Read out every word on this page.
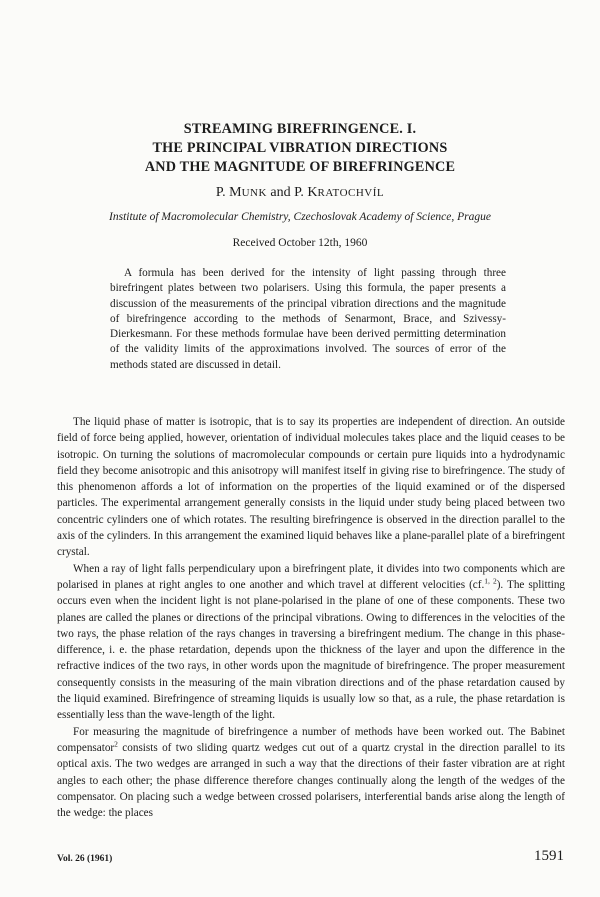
STREAMING BIREFRINGENCE. I.
THE PRINCIPAL VIBRATION DIRECTIONS
AND THE MAGNITUDE OF BIREFRINGENCE
P. MUNK and P. KRATOCHVÍL
Institute of Macromolecular Chemistry, Czechoslovak Academy of Science, Prague
Received October 12th, 1960

A formula has been derived for the intensity of light passing through three birefringent plates between two polarisers. Using this formula, the paper presents a discussion of the measurements of the principal vibration directions and the magnitude of birefringence according to the methods of Senarmont, Brace, and Szivessy-Dierkesmann. For these methods formulae have been derived permitting determination of the validity limits of the approximations involved. The sources of error of the methods stated are discussed in detail.

The liquid phase of matter is isotropic, that is to say its properties are independent of direction. An outside field of force being applied, however, orientation of individual molecules takes place and the liquid ceases to be isotropic. On turning the solutions of macromolecular compounds or certain pure liquids into a hydrodynamic field they become anisotropic and this anisotropy will manifest itself in giving rise to birefringence. The study of this phenomenon affords a lot of information on the properties of the liquid examined or of the dispersed particles. The experimental arrangement generally consists in the liquid under study being placed between two concentric cylinders one of which rotates. The resulting birefringence is observed in the direction parallel to the axis of the cylinders. In this arrangement the examined liquid behaves like a plane-parallel plate of a birefringent crystal.

When a ray of light falls perpendiculary upon a birefringent plate, it divides into two components which are polarised in planes at right angles to one another and which travel at different velocities (cf.$^{1, 2}$). The splitting occurs even when the incident light is not plane-polarised in the plane of one of these components. These two planes are called the planes or directions of the principal vibrations. Owing to differences in the velocities of the two rays, the phase relation of the rays changes in traversing a birefringent medium. The change in this phase-difference, i. e. the phase retardation, depends upon the thickness of the layer and upon the difference in the refractive indices of the two rays, in other words upon the magnitude of birefringence. The proper measurement consequently consists in the measuring of the main vibration directions and of the phase retardation caused by the liquid examined. Birefringence of streaming liquids is usually low so that, as a rule, the phase retardation is essentially less than the wave-length of the light.

For measuring the magnitude of birefringence a number of methods have been worked out. The Babinet compensator$^2$ consists of two sliding quartz wedges cut out of a quartz crystal in the direction parallel to its optical axis. The two wedges are arranged in such a way that the directions of their faster vibration are at right angles to each other; the phase difference therefore changes continually along the length of the wedges of the compensator. On placing such a wedge between crossed polarisers, interferential bands arise along the length of the wedge: the places

Vol. 26 (1961)	1591
